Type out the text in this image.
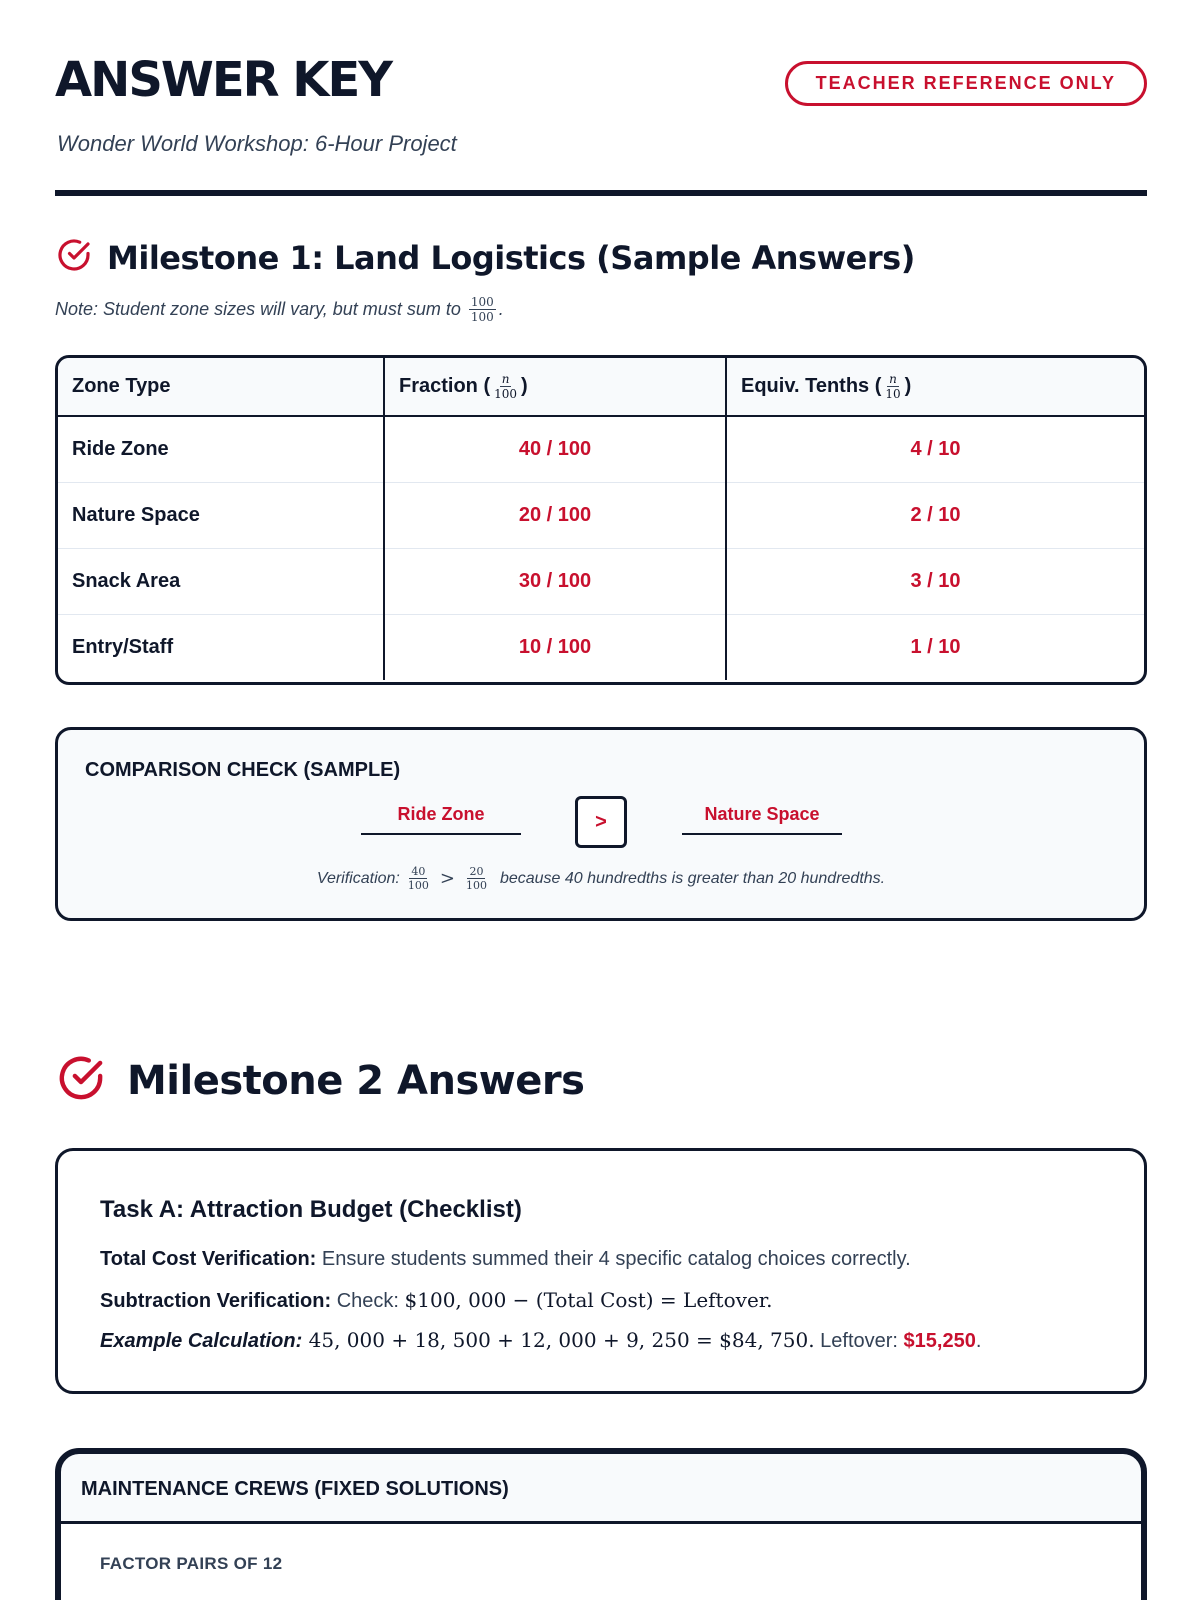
ANSWER KEY
Wonder World Workshop: 6-Hour Project
TEACHER REFERENCE ONLY
Milestone 1: Land Logistics (Sample Answers)
Note: Student zone sizes will vary, but must sum to $\frac{100}{100}$ .
Zone Type	Fraction ( $\frac{n}{100}$ )	Equiv. Tenths ( $\frac{n}{10}$ )
Ride Zone	40 / 100	4 / 10
Nature Space	20 / 100	2 / 10
Snack Area	30 / 100	3 / 10
Entry/Staff	10 / 100	1 / 10
COMPARISON CHECK (SAMPLE)
Ride Zone	>	Nature Space
Verification: $\frac{40}{100} > \frac{20}{100}$ because 40 hundredths is greater than 20 hundredths.
Milestone 2 Answers
Task A: Attraction Budget (Checklist)
Total Cost Verification: Ensure students summed their 4 specific catalog choices correctly.
Subtraction Verification: Check: $100, 000 − (Total Cost) = Leftover.
Example Calculation: 45, 000 + 18, 500 + 12, 000 + 9, 250 = $84, 750. Leftover: $15,250.
MAINTENANCE CREWS (FIXED SOLUTIONS)
FACTOR PAIRS OF 12
